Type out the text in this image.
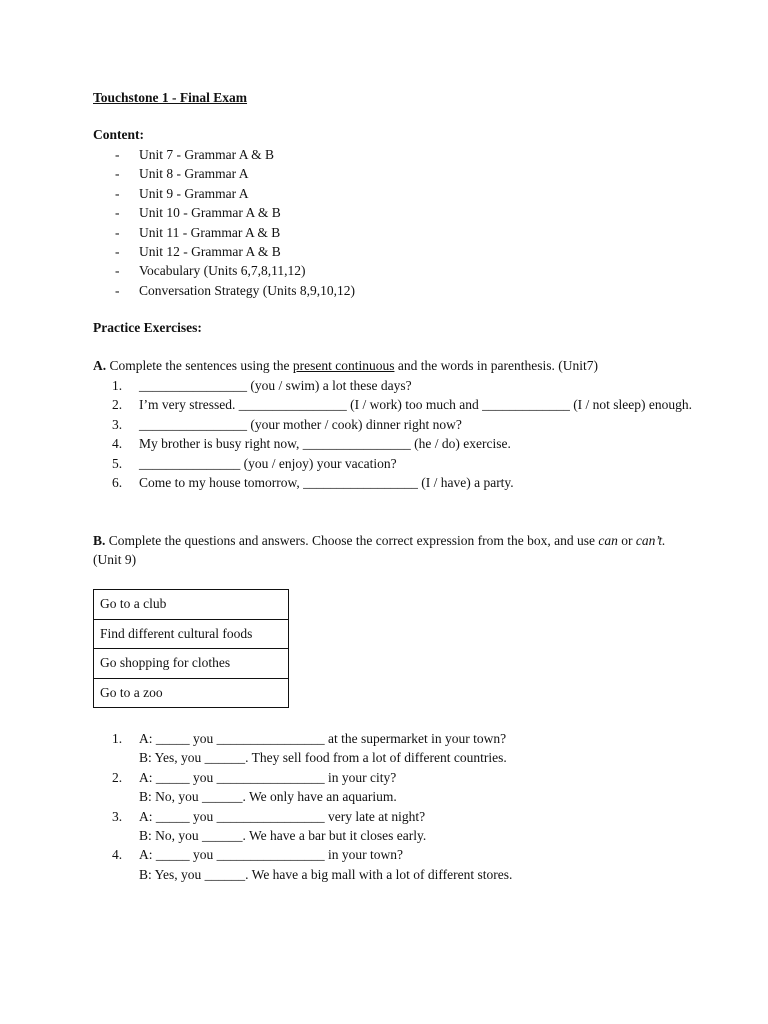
Touchstone 1 - Final Exam
Content:
- Unit 7 - Grammar A & B
- Unit 8 - Grammar A
- Unit 9 - Grammar A
- Unit 10 - Grammar A & B
- Unit 11 - Grammar A & B
- Unit 12 - Grammar A & B
- Vocabulary (Units 6,7,8,11,12)
- Conversation Strategy (Units 8,9,10,12)
Practice Exercises:
A. Complete the sentences using the present continuous and the words in parenthesis. (Unit7)
1.	________________ (you / swim) a lot these days?
2.	I’m very stressed. ________________ (I / work) too much and _____________ (I / not sleep) enough.
3.	________________ (your mother / cook) dinner right now?
4.	My brother is busy right now, ________________ (he / do) exercise.
5.	_______________ (you / enjoy) your vacation?
6.	Come to my house tomorrow, _________________ (I / have) a party.
B. Complete the questions and answers. Choose the correct expression from the box, and use can or can’t. (Unit 9)
Go to a club
Find different cultural foods
Go shopping for clothes
Go to a zoo
1.	A: _____ you ________________ at the supermarket in your town?
B: Yes, you ______. They sell food from a lot of different countries.
2.	A: _____ you ________________ in your city?
B: No, you ______. We only have an aquarium.
3.	A: _____ you ________________ very late at night?
B: No, you ______. We have a bar but it closes early.
4.	A: _____ you ________________ in your town?
B: Yes, you ______. We have a big mall with a lot of different stores.
